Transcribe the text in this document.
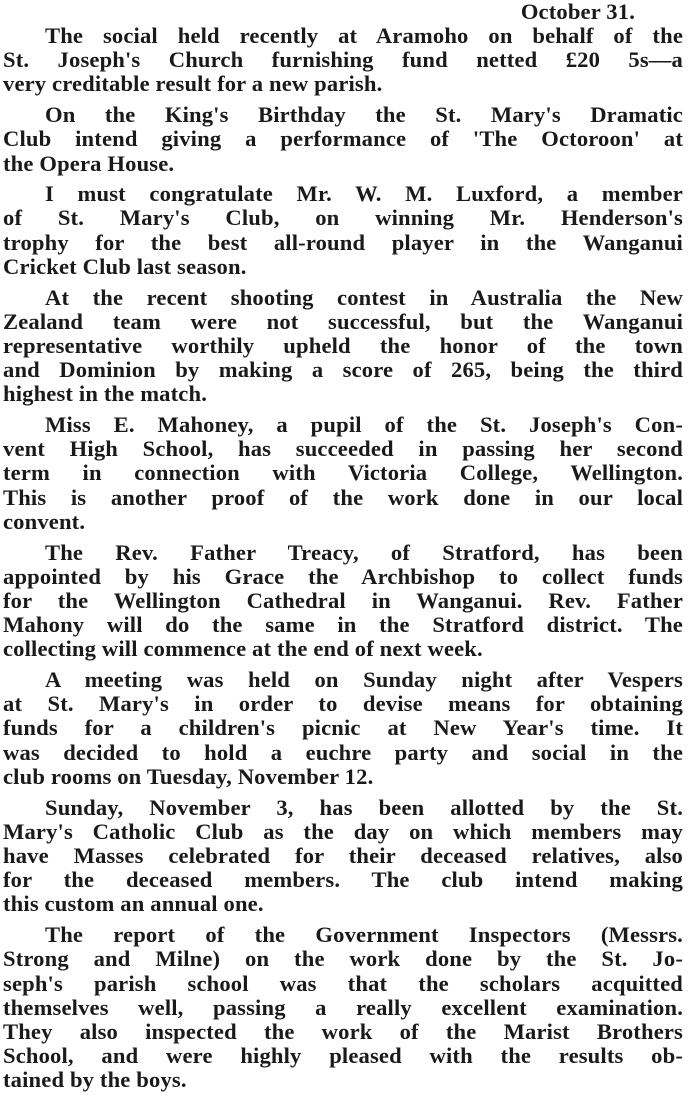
October 31.
The social held recently at Aramoho on behalf of the
St. Joseph's Church furnishing fund netted £20 5s—a
very creditable result for a new parish.
On the King's Birthday the St. Mary's Dramatic
Club intend giving a performance of 'The Octoroon' at
the Opera House.
I must congratulate Mr. W. M. Luxford, a member
of St. Mary's Club, on winning Mr. Henderson's
trophy for the best all-round player in the Wanganui
Cricket Club last season.
At the recent shooting contest in Australia the New
Zealand team were not successful, but the Wanganui
representative worthily upheld the honor of the town
and Dominion by making a score of 265, being the third
highest in the match.
Miss E. Mahoney, a pupil of the St. Joseph's Con-
vent High School, has succeeded in passing her second
term in connection with Victoria College, Wellington.
This is another proof of the work done in our local
convent.
The Rev. Father Treacy, of Stratford, has been
appointed by his Grace the Archbishop to collect funds
for the Wellington Cathedral in Wanganui. Rev. Father
Mahony will do the same in the Stratford district. The
collecting will commence at the end of next week.
A meeting was held on Sunday night after Vespers
at St. Mary's in order to devise means for obtaining
funds for a children's picnic at New Year's time. It
was decided to hold a euchre party and social in the
club rooms on Tuesday, November 12.
Sunday, November 3, has been allotted by the St.
Mary's Catholic Club as the day on which members may
have Masses celebrated for their deceased relatives, also
for the deceased members. The club intend making
this custom an annual one.
The report of the Government Inspectors (Messrs.
Strong and Milne) on the work done by the St. Jo-
seph's parish school was that the scholars acquitted
themselves well, passing a really excellent examination.
They also inspected the work of the Marist Brothers
School, and were highly pleased with the results ob-
tained by the boys.
